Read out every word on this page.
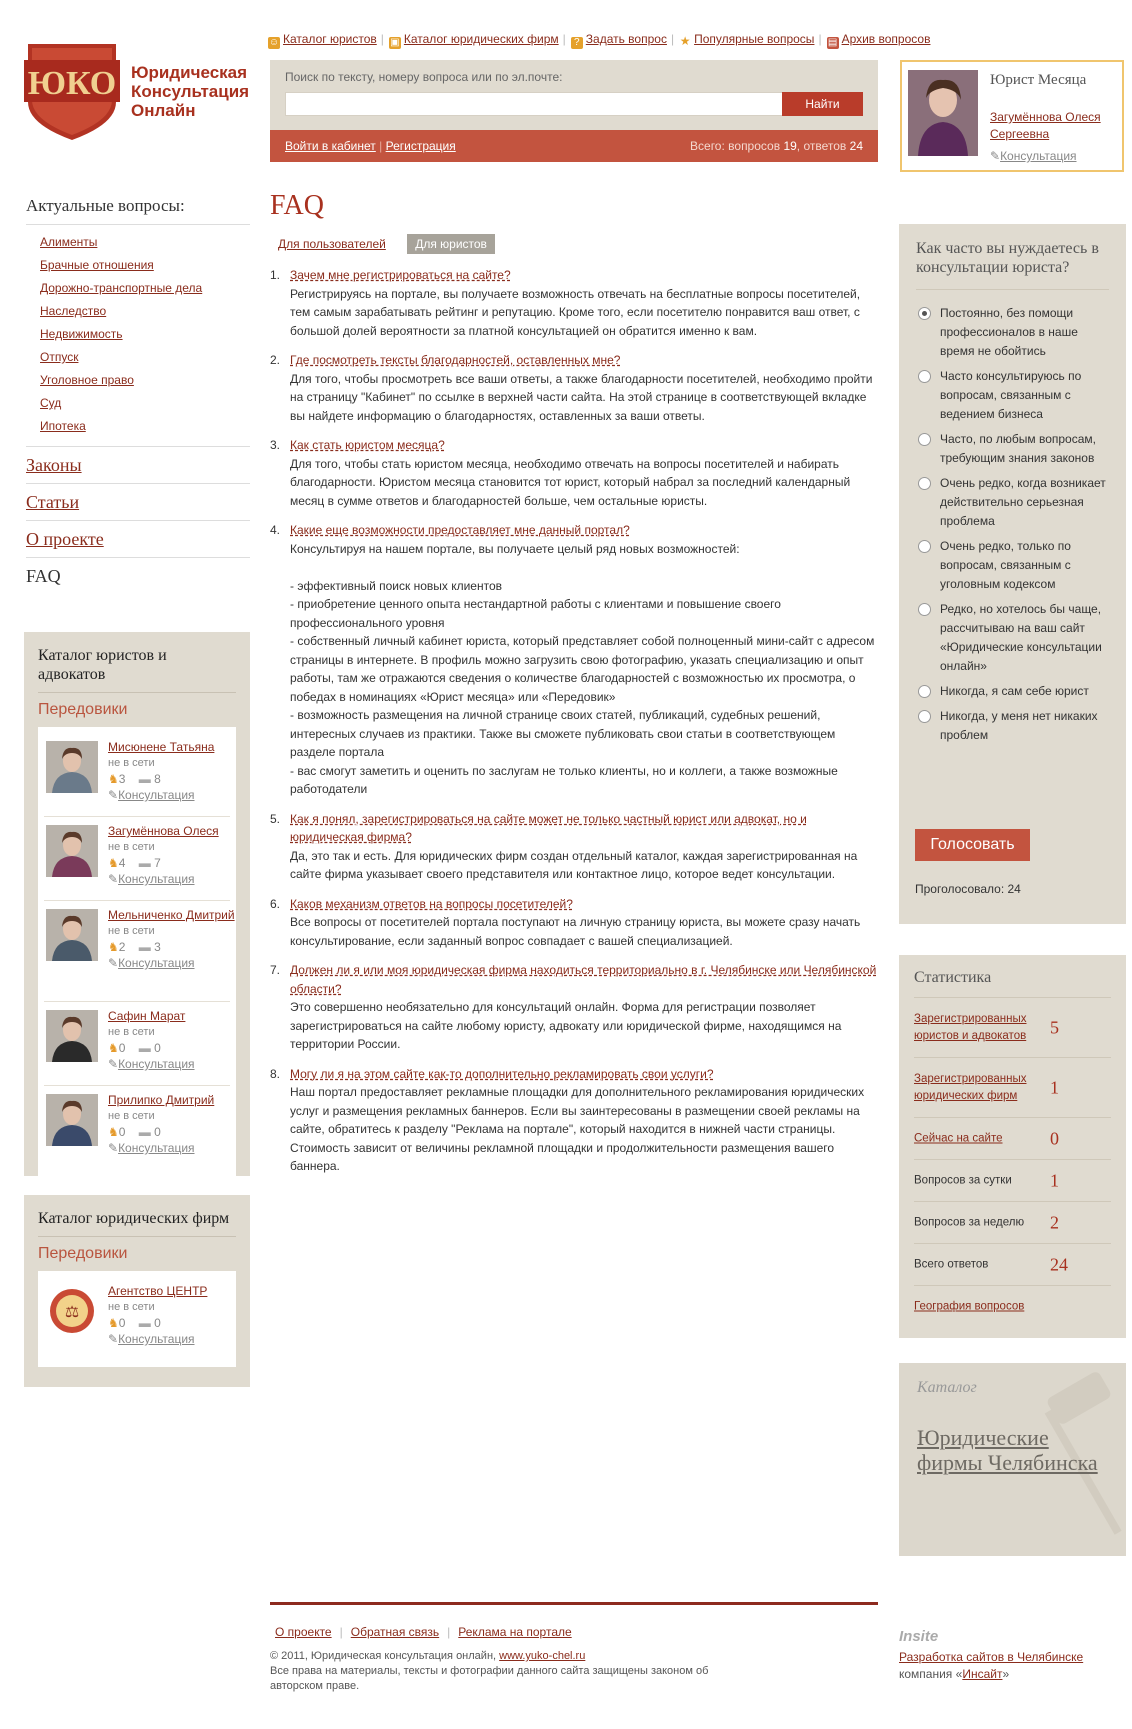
ЮКО Юридическая
Консультация
Онлайн
☺ Каталог юристов | ▣ Каталог юридических фирм | ? Задать вопрос | ★ Популярные вопросы | ▤ Архив вопросов
Поиск по тексту, номеру вопроса или по эл.почте:
Найти
Войти в кабинет | Регистрация	Всего: вопросов 19, ответов 24
Юрист Месяца
Загумённова Олеся Сергеевна
✎Консультация
Актуальные вопросы:
Алименты
Брачные отношения
Дорожно-транспортные дела
Наследство
Недвижимость
Отпуск
Уголовное право
Суд
Ипотека
Законы
Статьи
О проекте
FAQ
Каталог юристов и адвокатов
Передовики
Мисюнене Татьяна
не в сети
♞3 ▬ 8
✎Консультация
Загумённова Олеся
не в сети
♞4 ▬ 7
✎Консультация
Мельниченко Дмитрий
не в сети
♞2 ▬ 3
✎Консультация
Сафин Марат
не в сети
♞0 ▬ 0
✎Консультация
Прилипко Дмитрий
не в сети
♞0 ▬ 0
✎Консультация
Каталог юридических фирм
Передовики
⚖
Агентство ЦЕНТР
не в сети
♞0 ▬ 0
✎Консультация
FAQ
Для пользователей Для юристов
1. Зачем мне регистрироваться на сайте?
Регистрируясь на портале, вы получаете возможность отвечать на бесплатные вопросы посетителей, тем самым зарабатывать рейтинг и репутацию. Кроме того, если посетителю понравится ваш ответ, с большой долей вероятности за платной консультацией он обратится именно к вам.
2. Где посмотреть тексты благодарностей, оставленных мне?
Для того, чтобы просмотреть все ваши ответы, а также благодарности посетителей, необходимо пройти на страницу "Кабинет" по ссылке в верхней части сайта. На этой странице в соответствующей вкладке вы найдете информацию о благодарностях, оставленных за ваши ответы.
3. Как стать юристом месяца?
Для того, чтобы стать юристом месяца, необходимо отвечать на вопросы посетителей и набирать благодарности. Юристом месяца становится тот юрист, который набрал за последний календарный месяц в сумме ответов и благодарностей больше, чем остальные юристы.
4. Какие еще возможности предоставляет мне данный портал?
Консультируя на нашем портале, вы получаете целый ряд новых возможностей:

- эффективный поиск новых клиентов
- приобретение ценного опыта нестандартной работы с клиентами и повышение своего профессионального уровня
- собственный личный кабинет юриста, который представляет собой полноценный мини-сайт с адресом страницы в интернете. В профиль можно загрузить свою фотографию, указать специализацию и опыт работы, там же отражаются сведения о количестве благодарностей с возможностью их просмотра, о победах в номинациях «Юрист месяца» или «Передовик»
- возможность размещения на личной странице своих статей, публикаций, судебных решений, интересных случаев из практики. Также вы сможете публиковать свои статьи в соответствующем разделе портала
- вас смогут заметить и оценить по заслугам не только клиенты, но и коллеги, а также возможные работодатели
5. Как я понял, зарегистрироваться на сайте может не только частный юрист или адвокат, но и юридическая фирма?
Да, это так и есть. Для юридических фирм создан отдельный каталог, каждая зарегистрированная на сайте фирма указывает своего представителя или контактное лицо, которое ведет консультации.
6. Каков механизм ответов на вопросы посетителей?
Все вопросы от посетителей портала поступают на личную страницу юриста, вы можете сразу начать консультирование, если заданный вопрос совпадает с вашей специализацией.
7. Должен ли я или моя юридическая фирма находиться территориально в г. Челябинске или Челябинской области?
Это совершенно необязательно для консультаций онлайн. Форма для регистрации позволяет зарегистрироваться на сайте любому юристу, адвокату или юридической фирме, находящимся на территории России.
8. Могу ли я на этом сайте как-то дополнительно рекламировать свои услуги?
Наш портал предоставляет рекламные площадки для дополнительного рекламирования юридических услуг и размещения рекламных баннеров. Если вы заинтересованы в размещении своей рекламы на сайте, обратитесь к разделу "Реклама на портале", который находится в нижней части страницы. Стоимость зависит от величины рекламной площадки и продолжительности размещения вашего баннера.
Как часто вы нуждаетесь в консультации юриста?
Постоянно, без помощи профессионалов в наше время не обойтись
Часто консультируюсь по вопросам, связанным с ведением бизнеса
Часто, по любым вопросам, требующим знания законов
Очень редко, когда возникает действительно серьезная проблема
Очень редко, только по вопросам, связанным с уголовным кодексом
Редко, но хотелось бы чаще, рассчитываю на ваш сайт «Юридические консультации онлайн»
Никогда, я сам себе юрист
Никогда, у меня нет никаких проблем
Голосовать
Проголосовало: 24
Статистика
Зарегистрированных юристов и адвокатов	5
Зарегистрированных юридических фирм	1
Сейчас на сайте	0
Вопросов за сутки	1
Вопросов за неделю	2
Всего ответов	24
География вопросов
Каталог
Юридические фирмы Челябинска
О проекте | Обратная связь | Реклама на портале
© 2011, Юридическая консультация онлайн, www.yuko-chel.ru
Все права на материалы, тексты и фотографии данного сайта защищены законом об авторском праве.
Insite
Разработка сайтов в Челябинске
компания «Инсайт»
